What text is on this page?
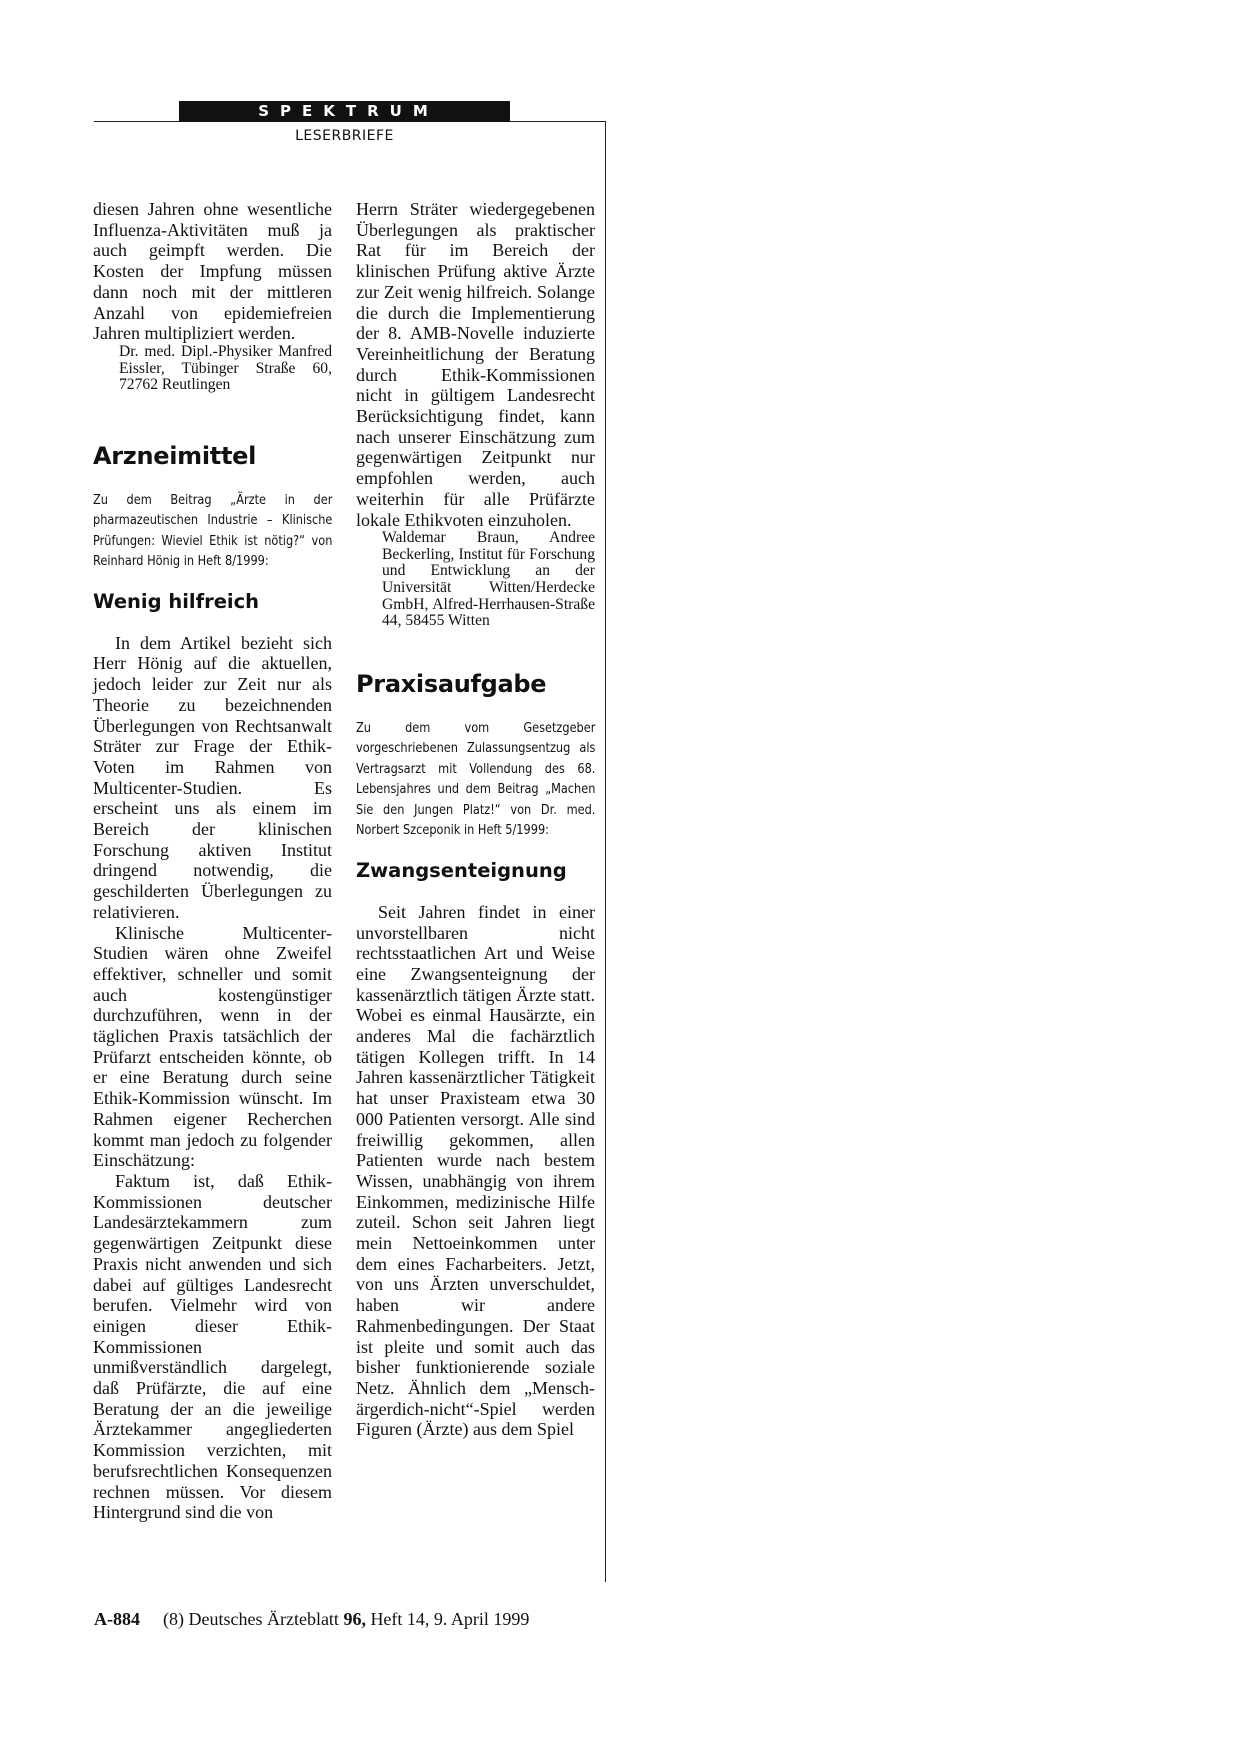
SPEKTRUM
LESERBRIEFE

diesen Jahren ohne wesentliche Influenza-Aktivitäten muß ja auch geimpft werden. Die Kosten der Impfung müssen dann noch mit der mittleren Anzahl von epidemiefreien Jahren multipliziert werden.

Dr. med. Dipl.-Physiker Manfred Eissler, Tübinger Straße 60, 72762 Reutlingen

Arzneimittel

Zu dem Beitrag „Ärzte in der pharmazeutischen Industrie – Klinische Prüfungen: Wieviel Ethik ist nötig?“ von Reinhard Hönig in Heft 8/1999:

Wenig hilfreich

In dem Artikel bezieht sich Herr Hönig auf die aktuellen, jedoch leider zur Zeit nur als Theorie zu bezeichnenden Überlegungen von Rechtsanwalt Sträter zur Frage der Ethik-Voten im Rahmen von Multicenter-Studien. Es erscheint uns als einem im Bereich der klinischen Forschung aktiven Institut dringend notwendig, die geschilderten Überlegungen zu relativieren.

Klinische Multicenter-Studien wären ohne Zweifel effektiver, schneller und somit auch kostengünstiger durchzuführen, wenn in der täglichen Praxis tatsächlich der Prüfarzt entscheiden könnte, ob er eine Beratung durch seine Ethik-Kommission wünscht. Im Rahmen eigener Recherchen kommt man jedoch zu folgender Einschätzung:

Faktum ist, daß Ethik-Kommissionen deutscher Landesärztekammern zum gegenwärtigen Zeitpunkt diese Praxis nicht anwenden und sich dabei auf gültiges Landesrecht berufen. Vielmehr wird von einigen dieser Ethik-Kommissionen unmißverständlich dargelegt, daß Prüfärzte, die auf eine Beratung der an die jeweilige Ärztekammer angegliederten Kommission verzichten, mit berufsrechtlichen Konsequenzen rechnen müssen. Vor diesem Hintergrund sind die von

Herrn Sträter wiedergegebenen Überlegungen als praktischer Rat für im Bereich der klinischen Prüfung aktive Ärzte zur Zeit wenig hilfreich. Solange die durch die Implementierung der 8. AMB-Novelle induzierte Vereinheitlichung der Beratung durch Ethik-Kommissionen nicht in gültigem Landesrecht Berücksichtigung findet, kann nach unserer Einschätzung zum gegenwärtigen Zeitpunkt nur empfohlen werden, auch weiterhin für alle Prüfärzte lokale Ethikvoten einzuholen.

Waldemar Braun, Andree Beckerling, Institut für Forschung und Entwicklung an der Universität Witten/Herdecke GmbH, Alfred-Herrhausen-Straße 44, 58455 Witten

Praxisaufgabe

Zu dem vom Gesetzgeber vorgeschriebenen Zulassungsentzug als Vertragsarzt mit Vollendung des 68. Lebensjahres und dem Beitrag „Machen Sie den Jungen Platz!“ von Dr. med. Norbert Szceponik in Heft 5/1999:

Zwangsenteignung

Seit Jahren findet in einer unvorstellbaren nicht rechtsstaatlichen Art und Weise eine Zwangsenteignung der kassenärztlich tätigen Ärzte statt. Wobei es einmal Hausärzte, ein anderes Mal die fachärztlich tätigen Kollegen trifft. In 14 Jahren kassenärztlicher Tätigkeit hat unser Praxisteam etwa 30 000 Patienten versorgt. Alle sind freiwillig gekommen, allen Patienten wurde nach bestem Wissen, unabhängig von ihrem Einkommen, medizinische Hilfe zuteil. Schon seit Jahren liegt mein Nettoeinkommen unter dem eines Facharbeiters. Jetzt, von uns Ärzten unverschuldet, haben wir andere Rahmenbedingungen. Der Staat ist pleite und somit auch das bisher funktionierende soziale Netz. Ähnlich dem „Mensch-ärgerdich-nicht“-Spiel werden Figuren (Ärzte) aus dem Spiel

A-884 (8) Deutsches Ärzteblatt 96, Heft 14, 9. April 1999
